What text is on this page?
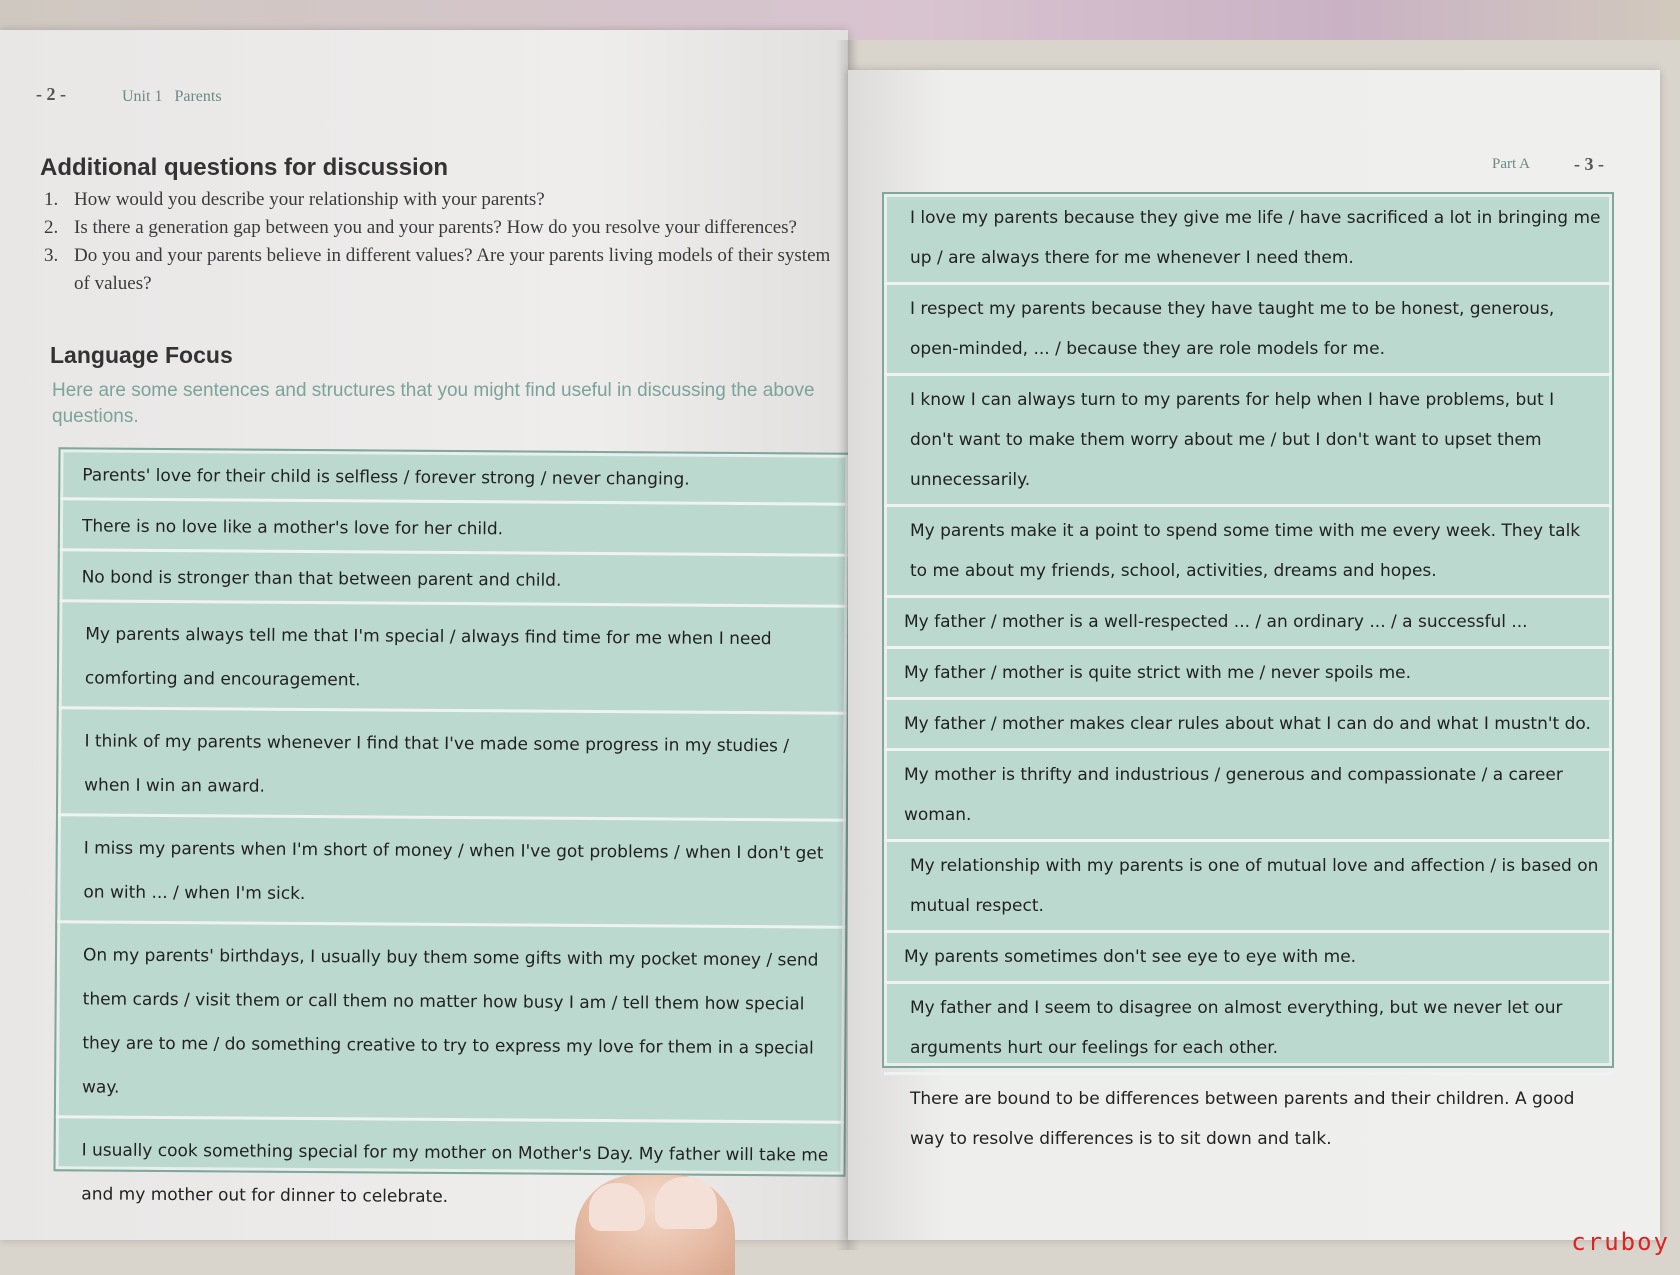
- 2 -	Unit 1   Parents
Additional questions for discussion
1. How would you describe your relationship with your parents?
2. Is there a generation gap between you and your parents? How do you resolve your differences?
3. Do you and your parents believe in different values? Are your parents living models of their system of values?
Language Focus
Here are some sentences and structures that you might find useful in discussing the above questions.
Parents' love for their child is selfless / forever strong / never changing.
There is no love like a mother's love for her child.
No bond is stronger than that between parent and child.
My parents always tell me that I'm special / always find time for me when I need comforting and encouragement.
I think of my parents whenever I find that I've made some progress in my studies / when I win an award.
I miss my parents when I'm short of money / when I've got problems / when I don't get on with ... / when I'm sick.
On my parents' birthdays, I usually buy them some gifts with my pocket money / send them cards / visit them or call them no matter how busy I am / tell them how special they are to me / do something creative to try to express my love for them in a special way.
I usually cook something special for my mother on Mother's Day. My father will take me and my mother out for dinner to celebrate.
Part A - 3 -
I love my parents because they give me life / have sacrificed a lot in bringing me up / are always there for me whenever I need them.
I respect my parents because they have taught me to be honest, generous, open-minded, ... / because they are role models for me.
I know I can always turn to my parents for help when I have problems, but I don't want to make them worry about me / but I don't want to upset them unnecessarily.
My parents make it a point to spend some time with me every week. They talk to me about my friends, school, activities, dreams and hopes.
My father / mother is a well-respected ... / an ordinary ... / a successful ...
My father / mother is quite strict with me / never spoils me.
My father / mother makes clear rules about what I can do and what I mustn't do.
My mother is thrifty and industrious / generous and compassionate / a career woman.
My relationship with my parents is one of mutual love and affection / is based on mutual respect.
My parents sometimes don't see eye to eye with me.
My father and I seem to disagree on almost everything, but we never let our arguments hurt our feelings for each other.
There are bound to be differences between parents and their children. A good way to resolve differences is to sit down and talk.
cruboy
